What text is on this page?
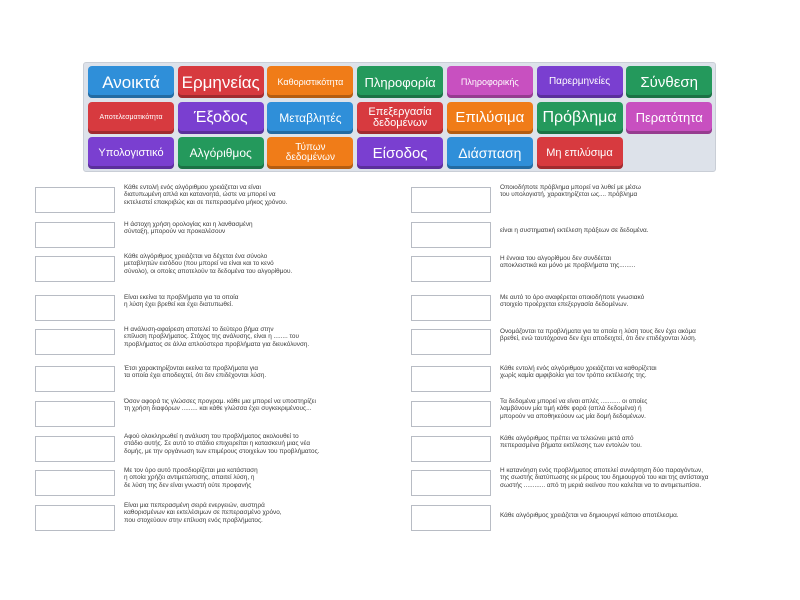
Ανοικτά	Ερμηνείας	Καθοριστικότητα	Πληροφορία	Πληροφορικής	Παρερμηνείες	Σύνθεση
Αποτελεσματικότητα	Έξοδος	Μεταβλητές	Επεξεργασία δεδομένων	Επιλύσιμα	Πρόβλημα	Περατότητα
Υπολογιστικό	Αλγόριθμος	Τύπων δεδομένων	Είσοδος	Διάσπαση	Μη επιλύσιμα
Κάθε εντολή ενός αλγόριθμου χρειάζεται να είναι
διατυπωμένη απλά και κατανοητά, ώστε να μπορεί να
εκτελεστεί επακριβώς και σε πεπερασμένο μήκος χρόνου.
Η άστοχη χρήση ορολογίας και η λανθασμένη
σύνταξη, μπορούν να προκαλέσουν
Κάθε αλγόριθμος χρειάζεται να δέχεται ένα σύνολο
μεταβλητών εισόδου (που μπορεί να είναι και το κενό
σύνολο), οι οποίες αποτελούν τα δεδομένα του αλγορίθμου.
Είναι εκείνα τα προβλήματα για τα οποία
η λύση έχει βρεθεί και έχει διατυπωθεί.
Η ανάλυση-αφαίρεση αποτελεί το δεύτερο βήμα στην
επίλυση προβλήματος. Στόχος της ανάλυσης, είναι η ........ του
προβλήματος σε άλλα απλούστερα προβλήματα για διευκόλυνση.
Έτσι χαρακτηρίζονται εκείνα τα προβλήματα για
τα οποία έχει αποδειχτεί, ότι δεν επιδέχονται λύση.
Όσον αφορά τις γλώσσες προγραμ. κάθε μια μπορεί να υποστηρίζει
τη χρήση διαφόρων ......... και κάθε γλώσσα έχει συγκεκριμένους...
Αφού ολοκληρωθεί η ανάλυση του προβλήματος ακολουθεί το
στάδιο αυτής. Σε αυτό το στάδιο επιχειρείται η κατασκευή μιας νέα
δομής, με την οργάνωση των επιμέρους στοιχείων του προβλήματος.
Με τον όρο αυτό προσδιορίζεται μια κατάσταση
η οποία χρήζει αντιμετώπισης, απαιτεί λύση, η
δε λύση της δεν είναι γνωστή ούτε προφανής
Είναι μια πεπερασμένη σειρά ενεργειών, αυστηρά
καθορισμένων και εκτελέσιμων σε πεπερασμένο χρόνο,
που στοχεύουν στην επίλυση ενός προβλήματος.
Οποιοδήποτε πρόβλημα μπορεί να λυθεί με μέσω
του υπολογιστή, χαρακτηρίζεται ως.... πρόβλημα
είναι η συστηματική εκτέλεση πράξεων σε δεδομένα.
Η έννοια του αλγορίθμου δεν συνδέεται
αποκλειστικά και μόνο με προβλήματα της.........
Με αυτό το όρο αναφέρεται οποιοδήποτε γνωσιακό
στοιχείο προέρχεται επεξεργασία δεδομένων.
Ονομάζονται τα προβλήματα για τα οποία η λύση τους δεν έχει ακόμα
βρεθεί, ενώ ταυτόχρονα δεν έχει αποδειχτεί, ότι δεν επιδέχονται λύση.
Κάθε εντολή ενός αλγόριθμου χρειάζεται να καθορίζεται
χωρίς καμία αμφιβολία για τον τρόπο εκτέλεσής της.
Τα δεδομένα μπορεί να είναι απλές ........... οι οποίες
λαμβάνουν μία τιμή κάθε φορά (απλά δεδομένα) ή
μπορούν να αποθηκεύουν ως μία δομή δεδομένων.
Κάθε αλγόριθμος πρέπει να τελειώνει μετά από
πεπερασμένα βήματα εκτέλεσης των εντολών του.
Η κατανόηση ενός προβλήματος αποτελεί συνάρτηση δύο παραγόντων,
της σωστής διατύπωσης εκ μέρους του δημιουργού του και της αντίστοιχα
σωστής ............ από τη μεριά εκείνου που καλείται να το αντιμετωπίσει.
Κάθε αλγόριθμος χρειάζεται να δημιουργεί κάποιο αποτέλεσμα.
